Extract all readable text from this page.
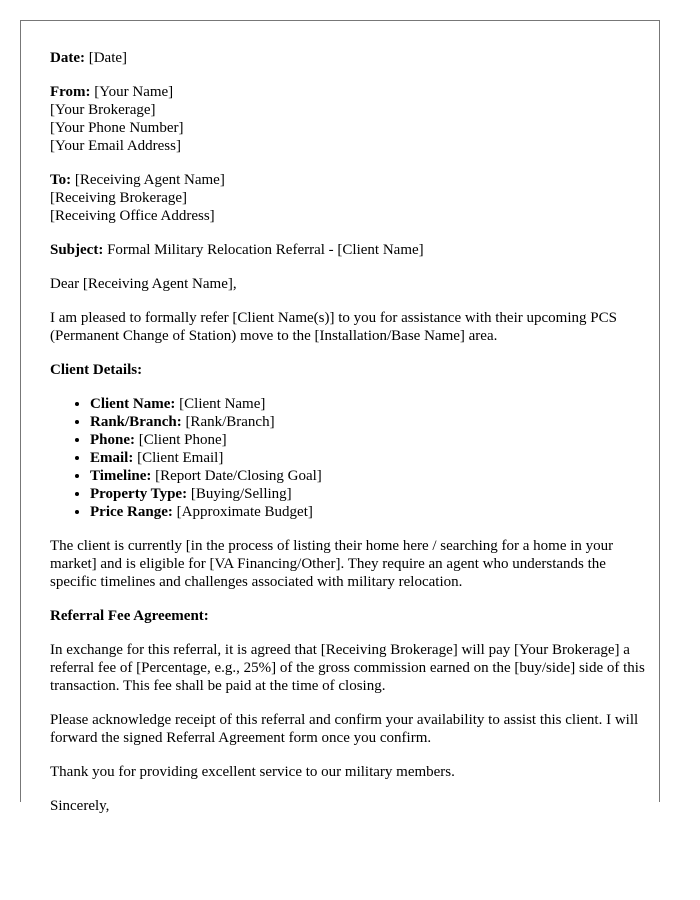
Date: [Date]
From: [Your Name]
[Your Brokerage]
[Your Phone Number]
[Your Email Address]
To: [Receiving Agent Name]
[Receiving Brokerage]
[Receiving Office Address]
Subject: Formal Military Relocation Referral - [Client Name]

Dear [Receiving Agent Name],

I am pleased to formally refer [Client Name(s)] to you for assistance with their upcoming PCS (Permanent Change of Station) move to the [Installation/Base Name] area.

Client Details:

• Client Name: [Client Name]
• Rank/Branch: [Rank/Branch]
• Phone: [Client Phone]
• Email: [Client Email]
• Timeline: [Report Date/Closing Goal]
• Property Type: [Buying/Selling]
• Price Range: [Approximate Budget]

The client is currently [in the process of listing their home here / searching for a home in your market] and is eligible for [VA Financing/Other]. They require an agent who understands the specific timelines and challenges associated with military relocation.

Referral Fee Agreement:

In exchange for this referral, it is agreed that [Receiving Brokerage] will pay [Your Brokerage] a referral fee of [Percentage, e.g., 25%] of the gross commission earned on the [buy/side] side of this transaction. This fee shall be paid at the time of closing.

Please acknowledge receipt of this referral and confirm your availability to assist this client. I will forward the signed Referral Agreement form once you confirm.

Thank you for providing excellent service to our military members.

Sincerely,
